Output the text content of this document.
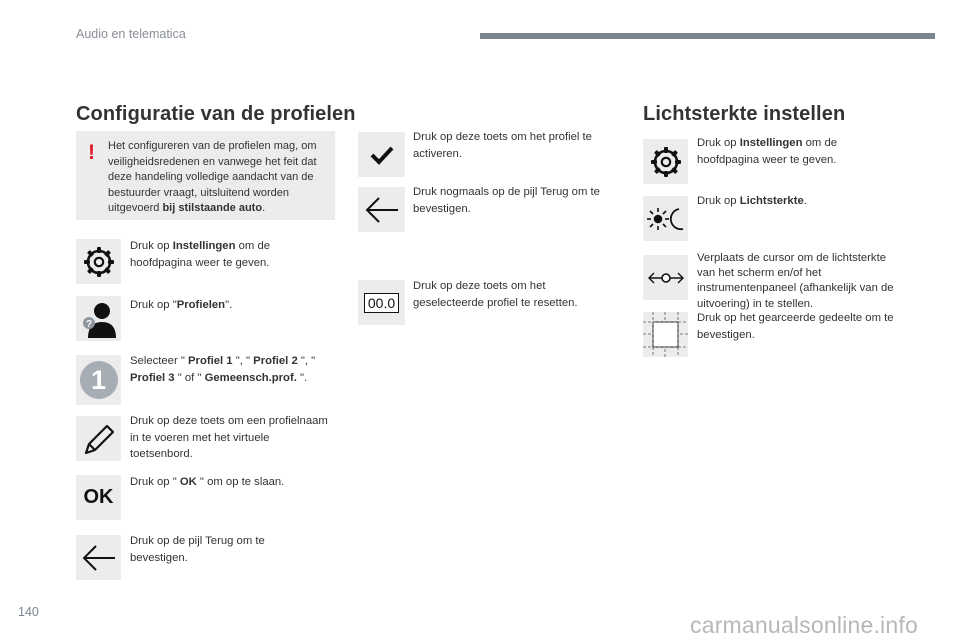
Audio en telematica
Configuratie van de profielen
! Het configureren van de profielen mag, om veiligheidsredenen en vanwege het feit dat deze handeling volledige aandacht van de bestuurder vraagt, uitsluitend worden uitgevoerd bij stilstaande auto.
Druk op Instellingen om de hoofdpagina weer te geven.
?
Druk op "Profielen".
1
Selecteer " Profiel 1 ", " Profiel 2 ", " Profiel 3 " of " Gemeensch.prof. ".
Druk op deze toets om een profielnaam in te voeren met het virtuele toetsenbord.
OK
Druk op " OK " om op te slaan.
Druk op de pijl Terug om te bevestigen.
Druk op deze toets om het profiel te activeren.
Druk nogmaals op de pijl Terug om te bevestigen.
00.0
Druk op deze toets om het geselecteerde profiel te resetten.
Lichtsterkte instellen
Druk op Instellingen om de hoofdpagina weer te geven.
Druk op Lichtsterkte.
Verplaats de cursor om de lichtsterkte van het scherm en/of het instrumentenpaneel (afhankelijk van de uitvoering) in te stellen.
Druk op het gearceerde gedeelte om te bevestigen.
140	carmanualsonline.info
